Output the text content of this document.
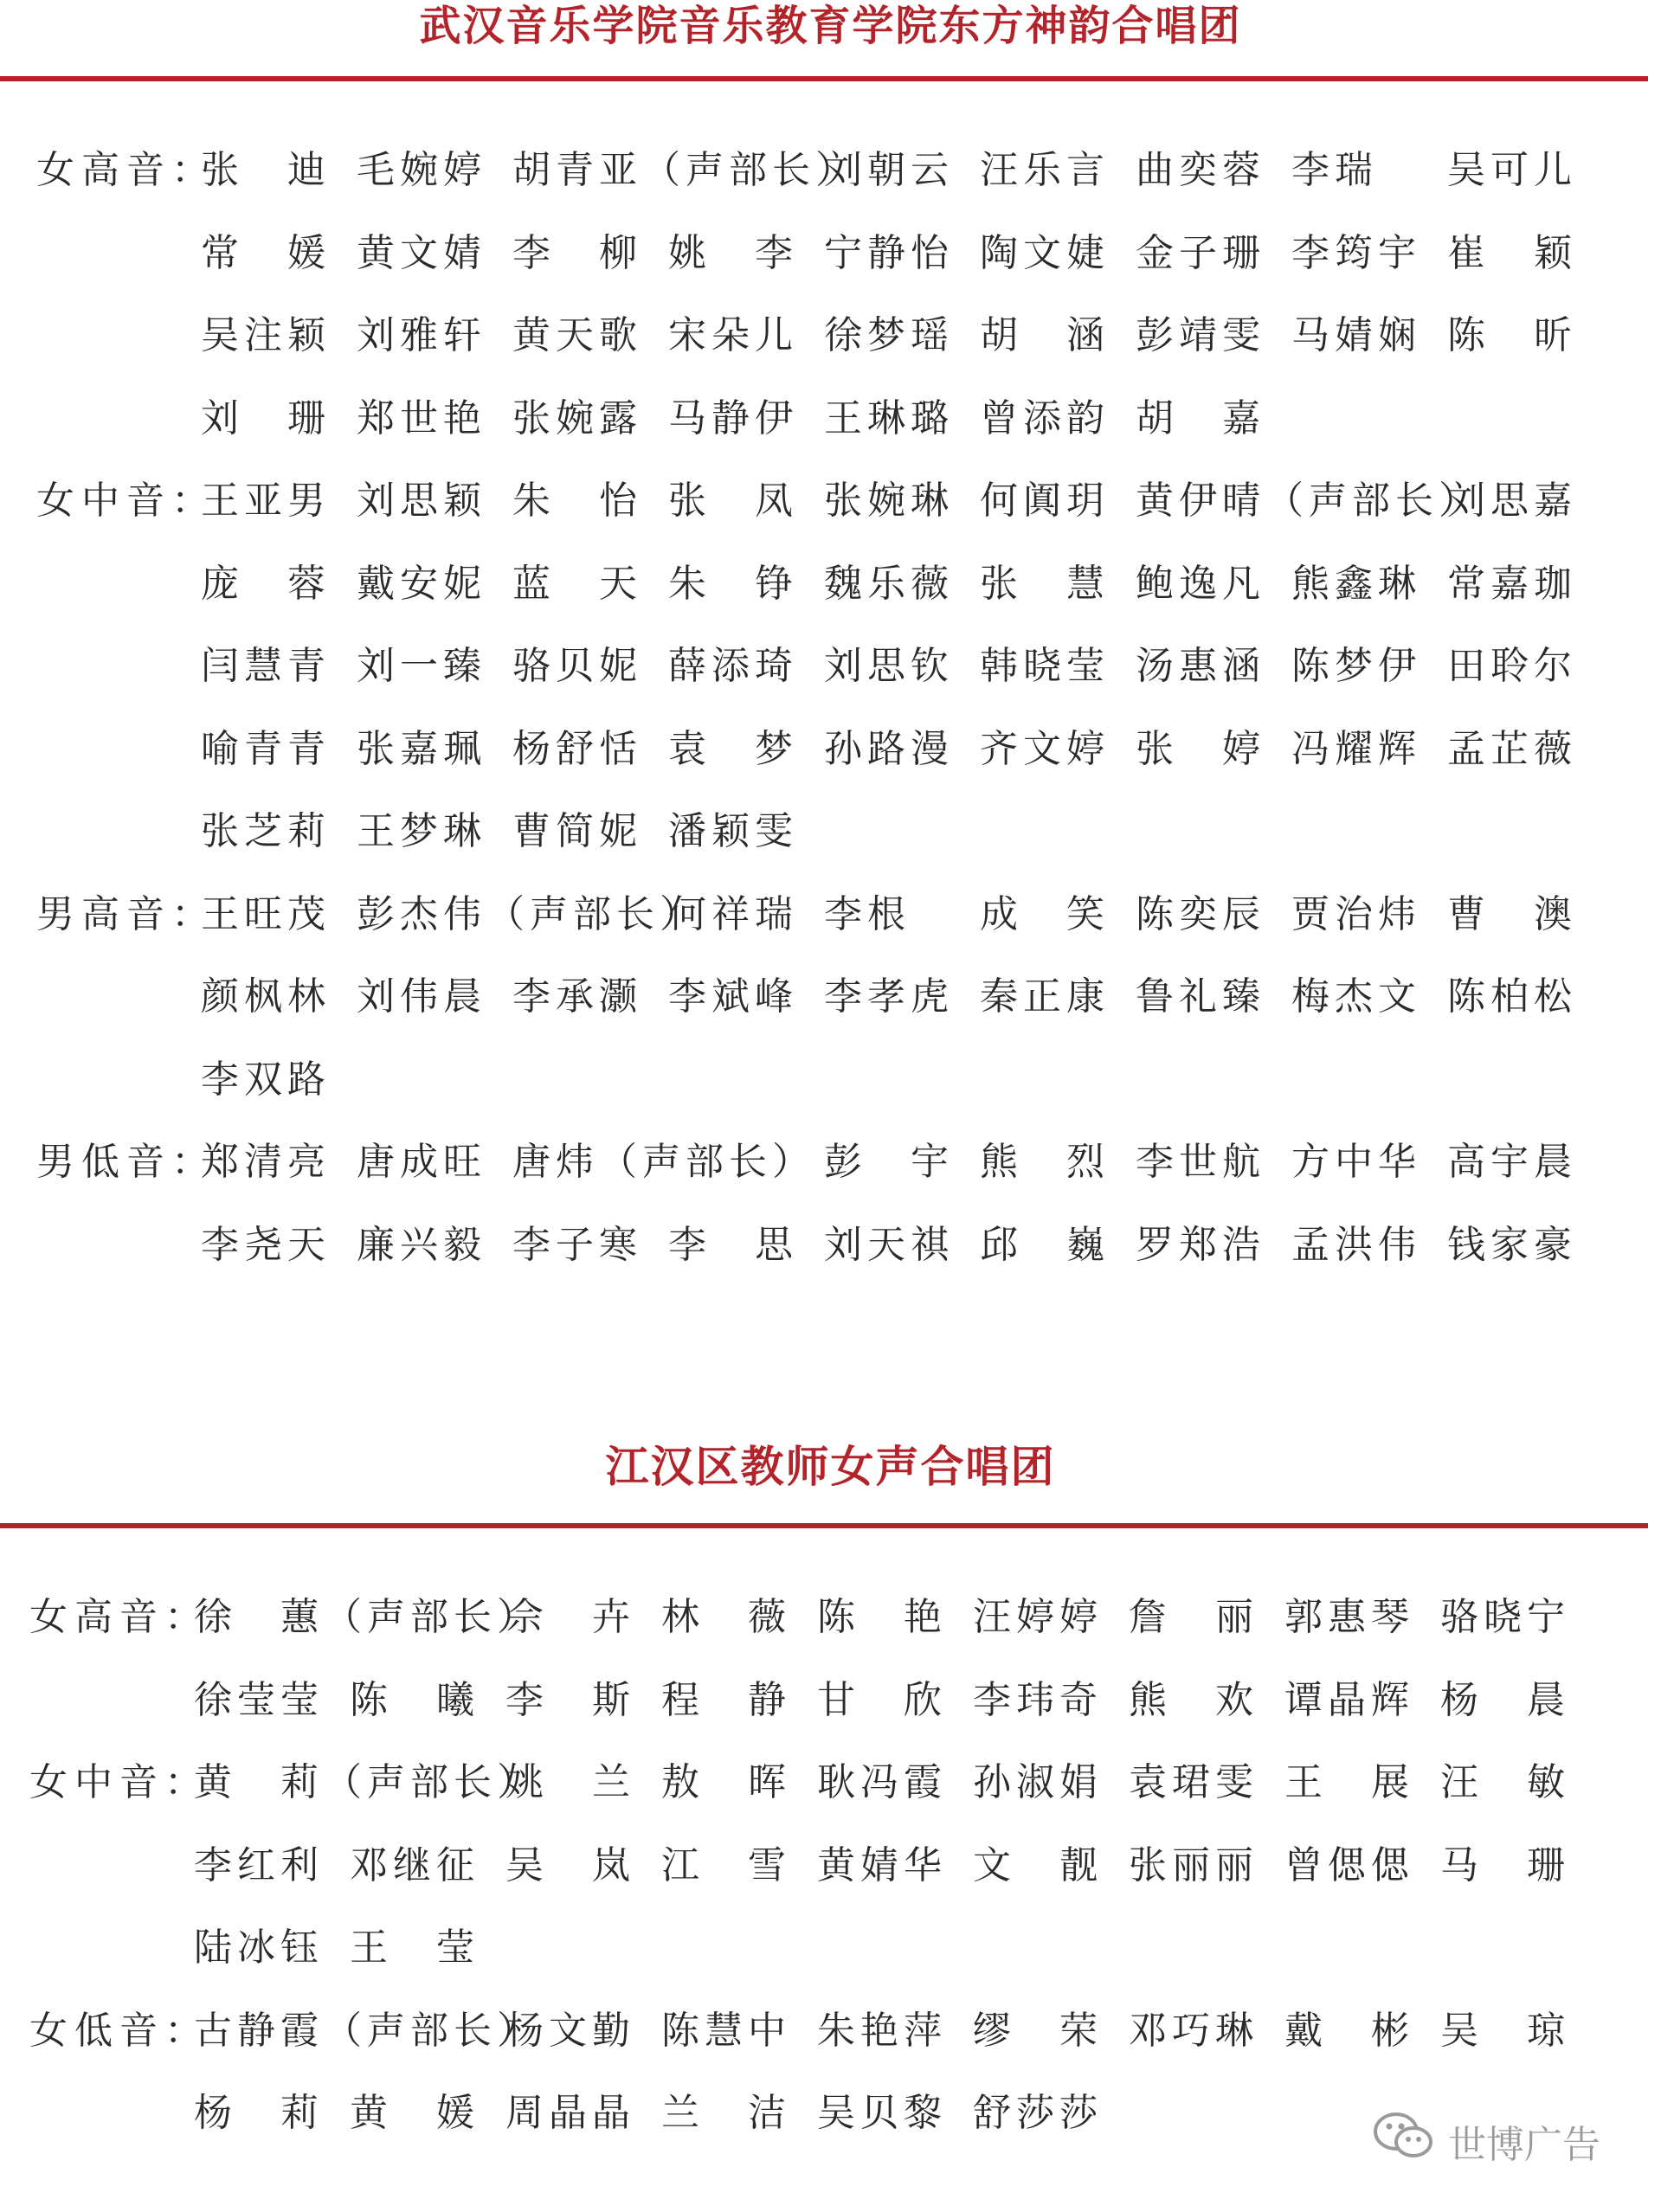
武汉音乐学院音乐教育学院东方神韵合唱团
江汉区教师女声合唱团
女高音：
张　迪 毛婉婷 胡青亚（声部长）
刘朝云 汪乐言 曲奕蓉 李瑞 吴可儿
常　媛 黄文婧 李　柳 姚　李 宁静怡 陶文婕 金子珊 李筠宇 崔　颖
吴注颖 刘雅轩 黄天歌 宋朵儿 徐梦瑶 胡　涵 彭靖雯 马婧娴 陈　昕
刘　珊 郑世艳 张婉露 马静伊 王琳璐 曾添韵 胡　嘉
女中音：
王亚男 刘思颖 朱　怡 张　凤 张婉琳 何阗玥 黄伊晴（声部长）
刘思嘉
庞　蓉 戴安妮 蓝　天 朱　铮 魏乐薇 张　慧 鲍逸凡 熊鑫琳 常嘉珈
闫慧青 刘一臻 骆贝妮 薛添琦 刘思钦 韩晓莹 汤惠涵 陈梦伊 田聆尔
喻青青 张嘉珮 杨舒恬 袁　梦 孙路漫 齐文婷 张　婷 冯耀辉 孟芷薇
张芝莉 王梦琳 曹简妮 潘颖雯
男高音：
王旺茂 彭杰伟（声部长）
何祥瑞 李根 成　笑 陈奕辰 贾治炜 曹　澳
颜枫林 刘伟晨 李承灏 李斌峰 李孝虎 秦正康 鲁礼臻 梅杰文 陈柏松
李双路
男低音：
郑清亮 唐成旺 唐炜（声部长） 彭　宇 熊　烈 李世航 方中华 高宇晨
李尧天 廉兴毅 李子寒 李　思 刘天祺 邱　巍 罗郑浩 孟洪伟 钱家豪
女高音：
徐　蕙（声部长）
佘　卉 林　薇 陈　艳 汪婷婷 詹　丽 郭惠琴 骆晓宁
徐莹莹 陈　曦 李　斯 程　静 甘　欣 李玮奇 熊　欢 谭晶辉 杨　晨
女中音：
黄　莉（声部长）
姚　兰 敖　晖 耿冯霞 孙淑娟 袁珺雯 王　展 汪　敏
李红利 邓继征 吴　岚 江　雪 黄婧华 文　靓 张丽丽 曾偲偲 马　珊
陆冰钰 王　莹
女低音：
古静霞（声部长）
杨文勤 陈慧中 朱艳萍 缪　荣 邓巧琳 戴　彬 吴　琼
杨　莉 黄　媛 周晶晶 兰　洁 吴贝黎 舒莎莎
世博广告
